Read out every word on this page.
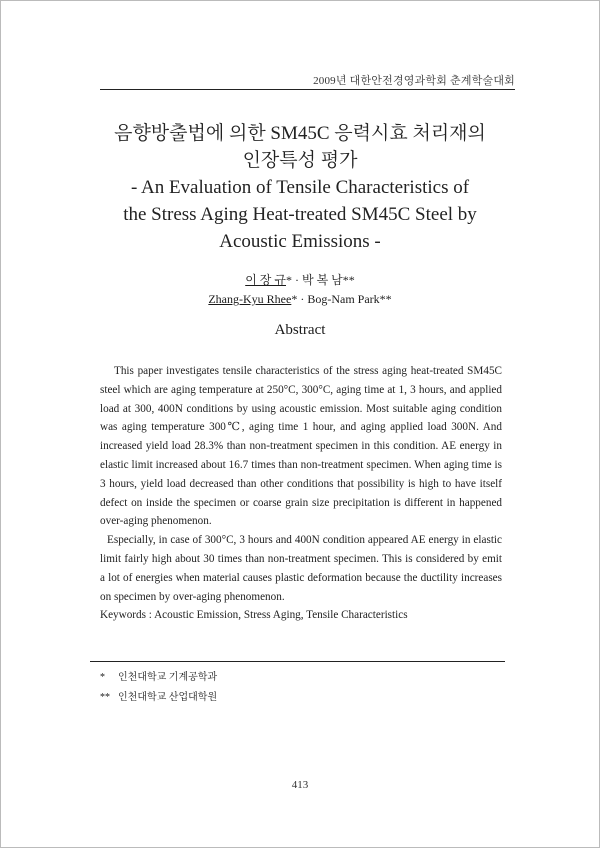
2009년 대한안전경영과학회 춘계학술대회
음향방출법에 의한 SM45C 응력시효 처리재의
인장특성 평가
- An Evaluation of Tensile Characteristics of
the Stress Aging Heat-treated SM45C Steel by
Acoustic Emissions -
이 장 규* · 박 복 남**
Zhang-Kyu Rhee* · Bog-Nam Park**
Abstract

This paper investigates tensile characteristics of the stress aging heat-treated SM45C steel which are aging temperature at 250°C, 300°C, aging time at 1, 3 hours, and applied load at 300, 400N conditions by using acoustic emission. Most suitable aging condition was aging temperature 300℃, aging time 1 hour, and aging applied load 300N. And increased yield load 28.3% than non-treatment specimen in this condition. AE energy in elastic limit increased about 16.7 times than non-treatment specimen. When aging time is 3 hours, yield load decreased than other conditions that possibility is high to have itself defect on inside the specimen or coarse grain size precipitation is different in happened over-aging phenomenon.

Especially, in case of 300°C, 3 hours and 400N condition appeared AE energy in elastic limit fairly high about 30 times than non-treatment specimen. This is considered by emit a lot of energies when material causes plastic deformation because the ductility increases on specimen by over-aging phenomenon.

Keywords : Acoustic Emission, Stress Aging, Tensile Characteristics

* 인천대학교 기계공학과
** 인천대학교 산업대학원
413
